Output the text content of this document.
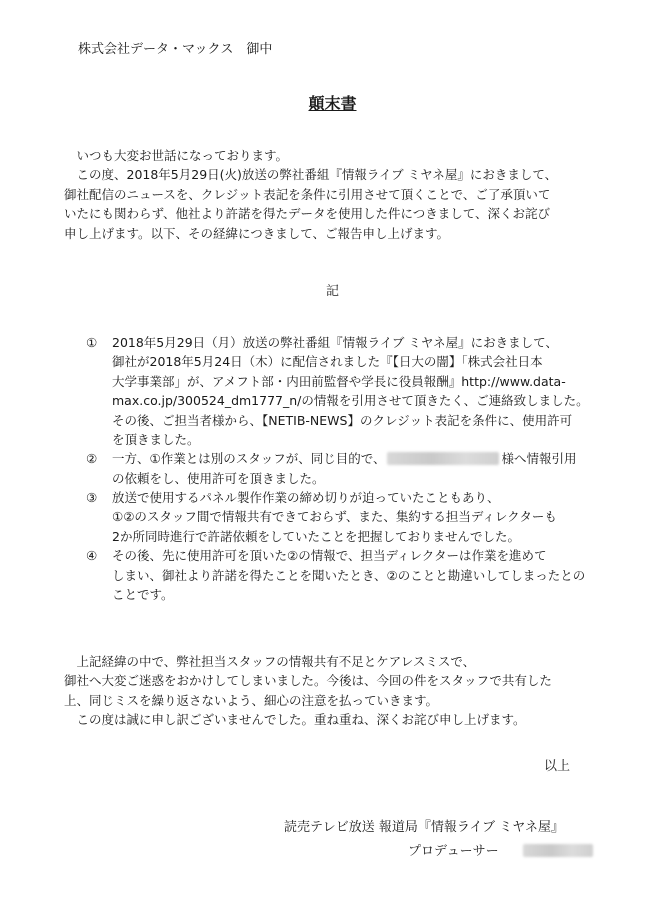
株式会社データ・マックス　御中
顛末書

　いつも大変お世話になっております。

　この度、2018年5月29日(火)放送の弊社番組『情報ライブ ミヤネ屋』におきまして、

御社配信のニュースを、クレジット表記を条件に引用させて頂くことで、ご了承頂いて

いたにも関わらず、他社より許諾を得たデータを使用した件につきまして、深くお詫び

申し上げます。以下、その経緯につきまして、ご報告申し上げます。

記
①	2018年5月29日（月）放送の弊社番組『情報ライブ ミヤネ屋』におきまして、

御社が2018年5月24日（木）に配信されました『【日大の闇】「株式会社日本

大学事業部」が、アメフト部・内田前監督や学長に役員報酬』http://www.data-

max.co.jp/300524_dm1777_n/の情報を引用させて頂きたく、ご連絡致しました。

その後、ご担当者様から、【NETIB-NEWS】のクレジット表記を条件に、使用許可

を頂きました。

②	一方、①作業とは別のスタッフが、同じ目的で、	様へ情報引用

の依頼をし、使用許可を頂きました。

③	放送で使用するパネル製作作業の締め切りが迫っていたこともあり、

①②のスタッフ間で情報共有できておらず、また、集約する担当ディレクターも

2か所同時進行で許諾依頼をしていたことを把握しておりませんでした。

④	その後、先に使用許可を頂いた②の情報で、担当ディレクターは作業を進めて

しまい、御社より許諾を得たことを聞いたとき、②のことと勘違いしてしまったとの

ことです。

　上記経緯の中で、弊社担当スタッフの情報共有不足とケアレスミスで、

御社へ大変ご迷惑をおかけしてしまいました。今後は、今回の件をスタッフで共有した

上、同じミスを繰り返さないよう、細心の注意を払っていきます。

　この度は誠に申し訳ございませんでした。重ね重ね、深くお詫び申し上げます。

以上
読売テレビ放送 報道局『情報ライブ ミヤネ屋』
プロデューサー
